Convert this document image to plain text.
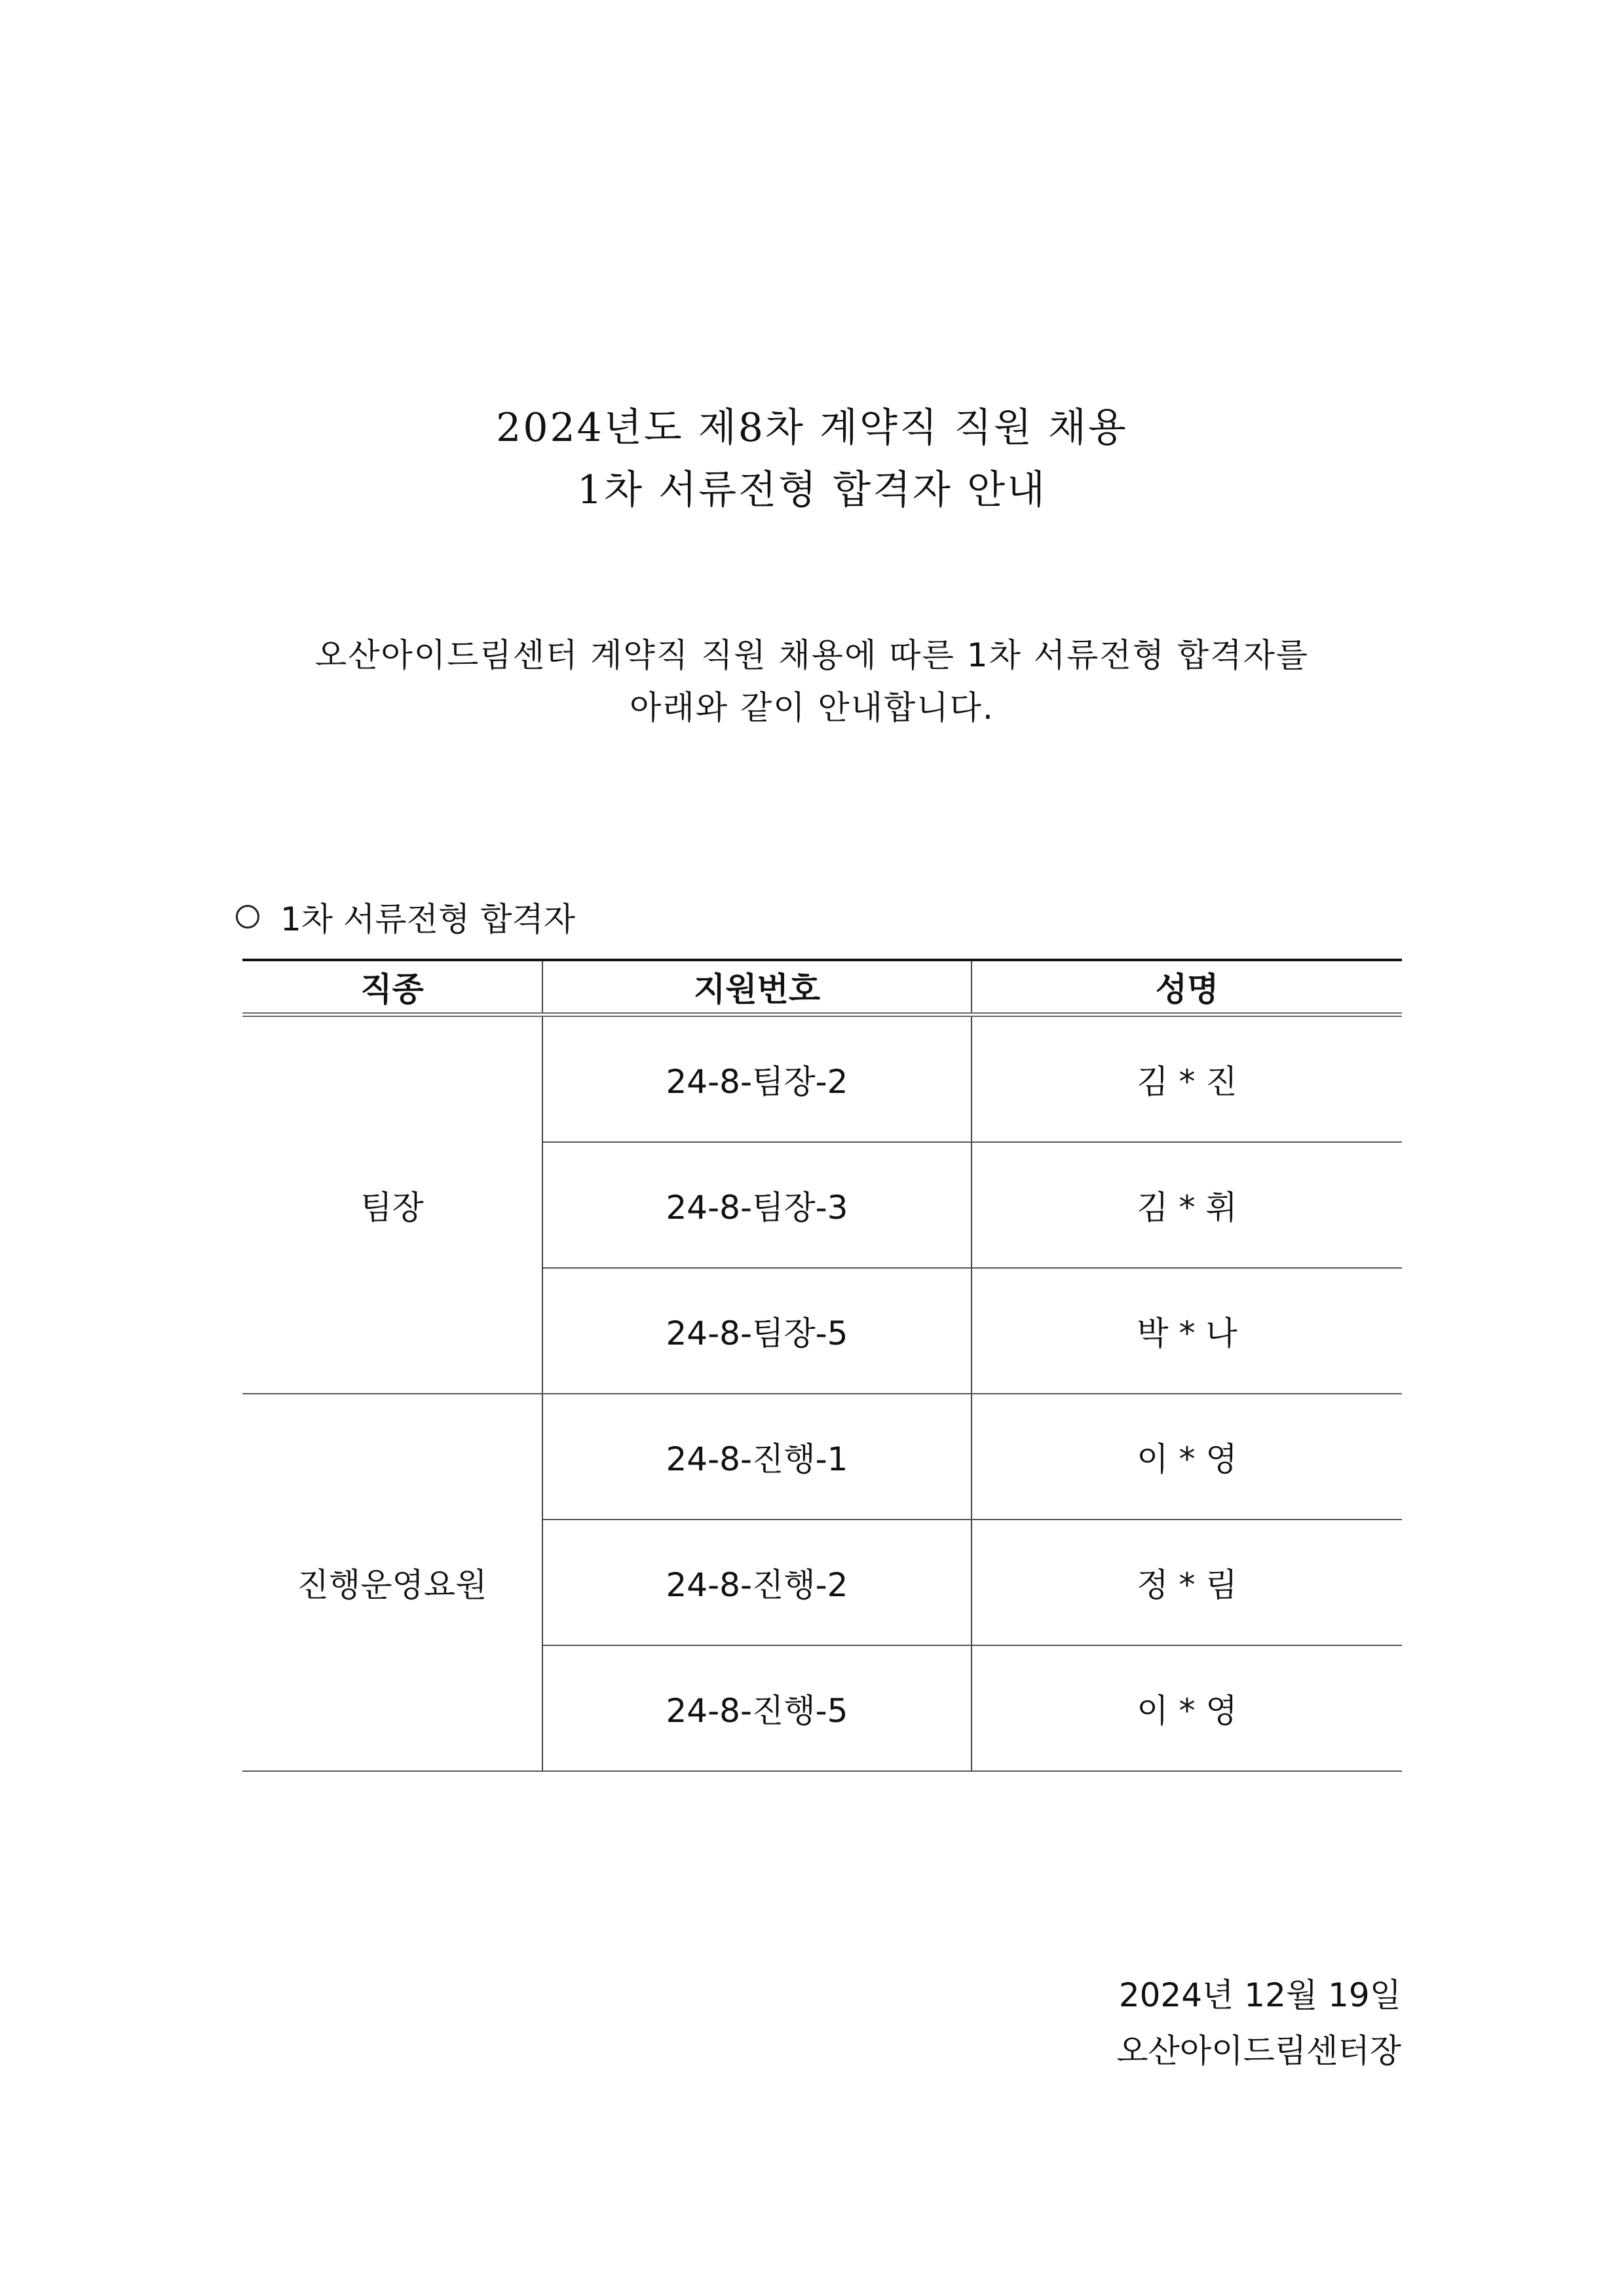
2024년도 제8차 계약직 직원 채용
1차 서류전형 합격자 안내
오산아이드림센터 계약직 직원 채용에 따른 1차 서류전형 합격자를
아래와 같이 안내합니다.
1차 서류전형 합격자
직종	지원번호	성명
팀장	24-8-팀장-2	김 * 진
	24-8-팀장-3	김 * 휘
	24-8-팀장-5	박 * 나
진행운영요원	24-8-진행-1	이 * 영
	24-8-진행-2	정 * 림
	24-8-진행-5	이 * 영
2024년 12월 19일
오산아이드림센터장
